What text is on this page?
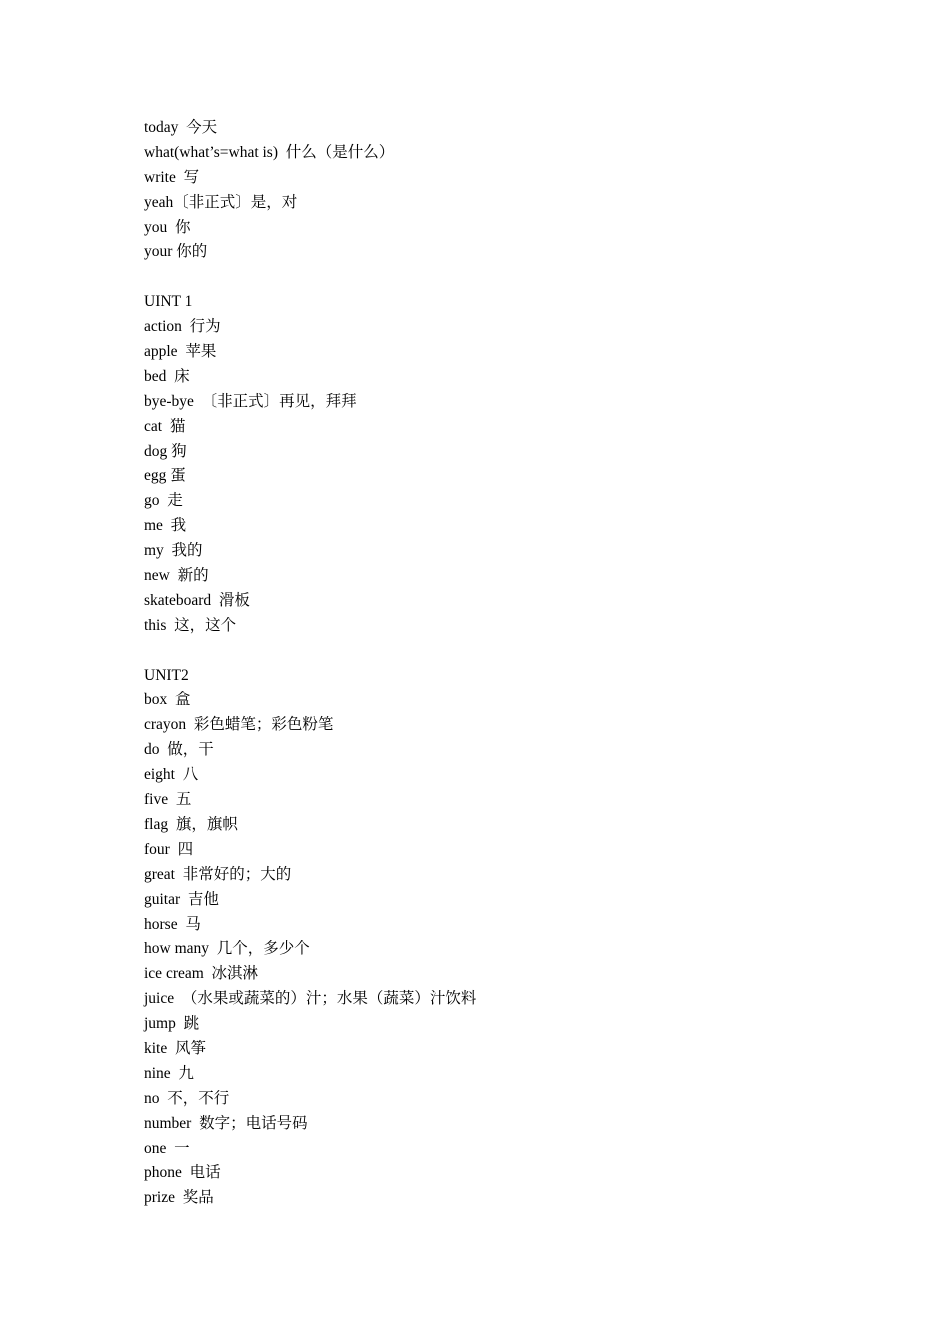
today  今天
what(what’s=what is)  什么（是什么）
write  写
yeah〔非正式〕是，对
you  你
your 你的
UINT 1
action  行为
apple  苹果
bed  床
bye-bye  〔非正式〕再见，拜拜
cat  猫
dog 狗
egg 蛋
go  走
me  我
my  我的
new  新的
skateboard  滑板
this  这，这个
UNIT2
box  盒
crayon  彩色蜡笔；彩色粉笔
do  做，干
eight  八
five  五
flag  旗，旗帜
four  四
great  非常好的；大的
guitar  吉他
horse  马
how many  几个，多少个
ice cream  冰淇淋
juice  （水果或蔬菜的）汁；水果（蔬菜）汁饮料
jump  跳
kite  风筝
nine  九
no  不，不行
number  数字；电话号码
one  一
phone  电话
prize  奖品
